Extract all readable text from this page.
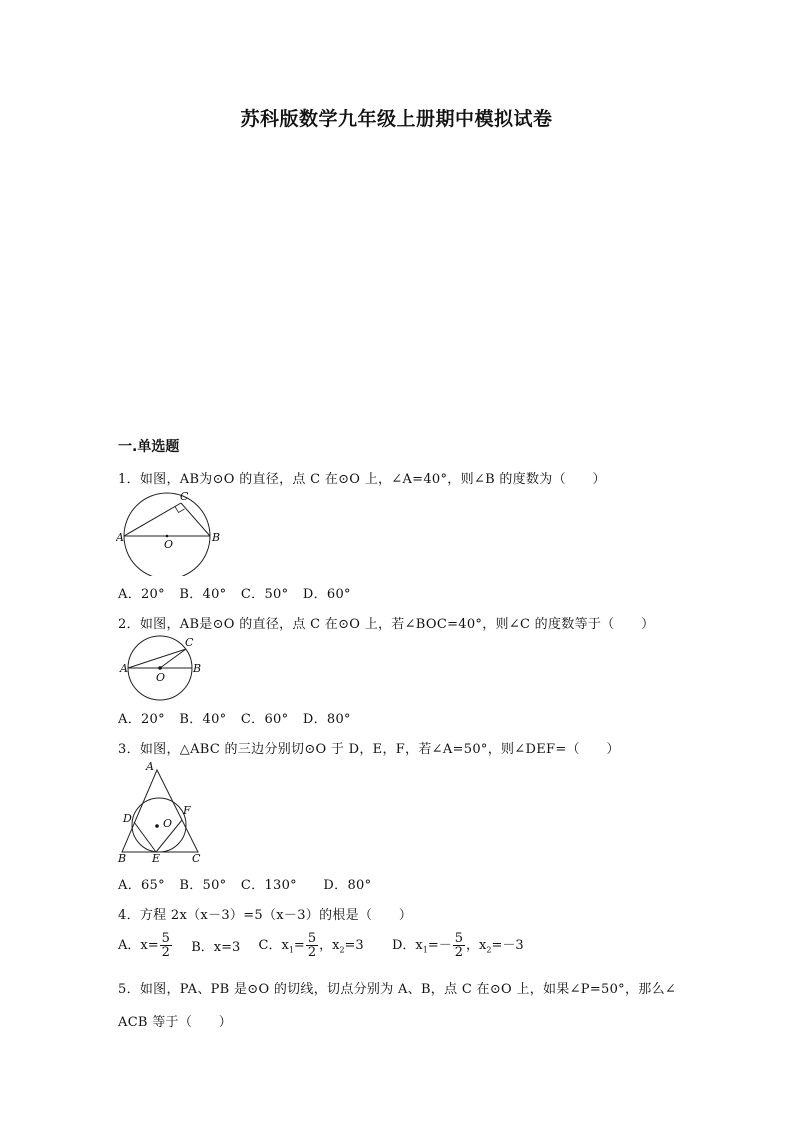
苏科版数学九年级上册期中模拟试卷
一.单选题
1．如图，AB为⊙O 的直径，点 C 在⊙O 上，∠A=40°，则∠B 的度数为（　　）
A	B
C
O
A．20° B．40° C．50° D．60°
2．如图，AB是⊙O 的直径，点 C 在⊙O 上，若∠BOC=40°，则∠C 的度数等于（　　）
A	B
C
O
A．20° B．40° C．60° D．80°
3．如图，△ABC 的三边分别切⊙O 于 D，E，F，若∠A=50°，则∠DEF=（　　）
A
B	C
D
E
F
O
A．65° B．50° C．130° D．80°
4．方程 2x（x－3）=5（x－3）的根是（　　）
A．$x= \frac{5}{2}$ B．x=3 C．$x_1= \frac{5}{2}$ ，$x_2=3$ D．$x_1=- \frac{5}{2}$ ，$x_2=-3$
5．如图，PA、PB 是⊙O 的切线，切点分别为 A、B，点 C 在⊙O 上，如果∠P=50°，那么∠
ACB 等于（　　）
